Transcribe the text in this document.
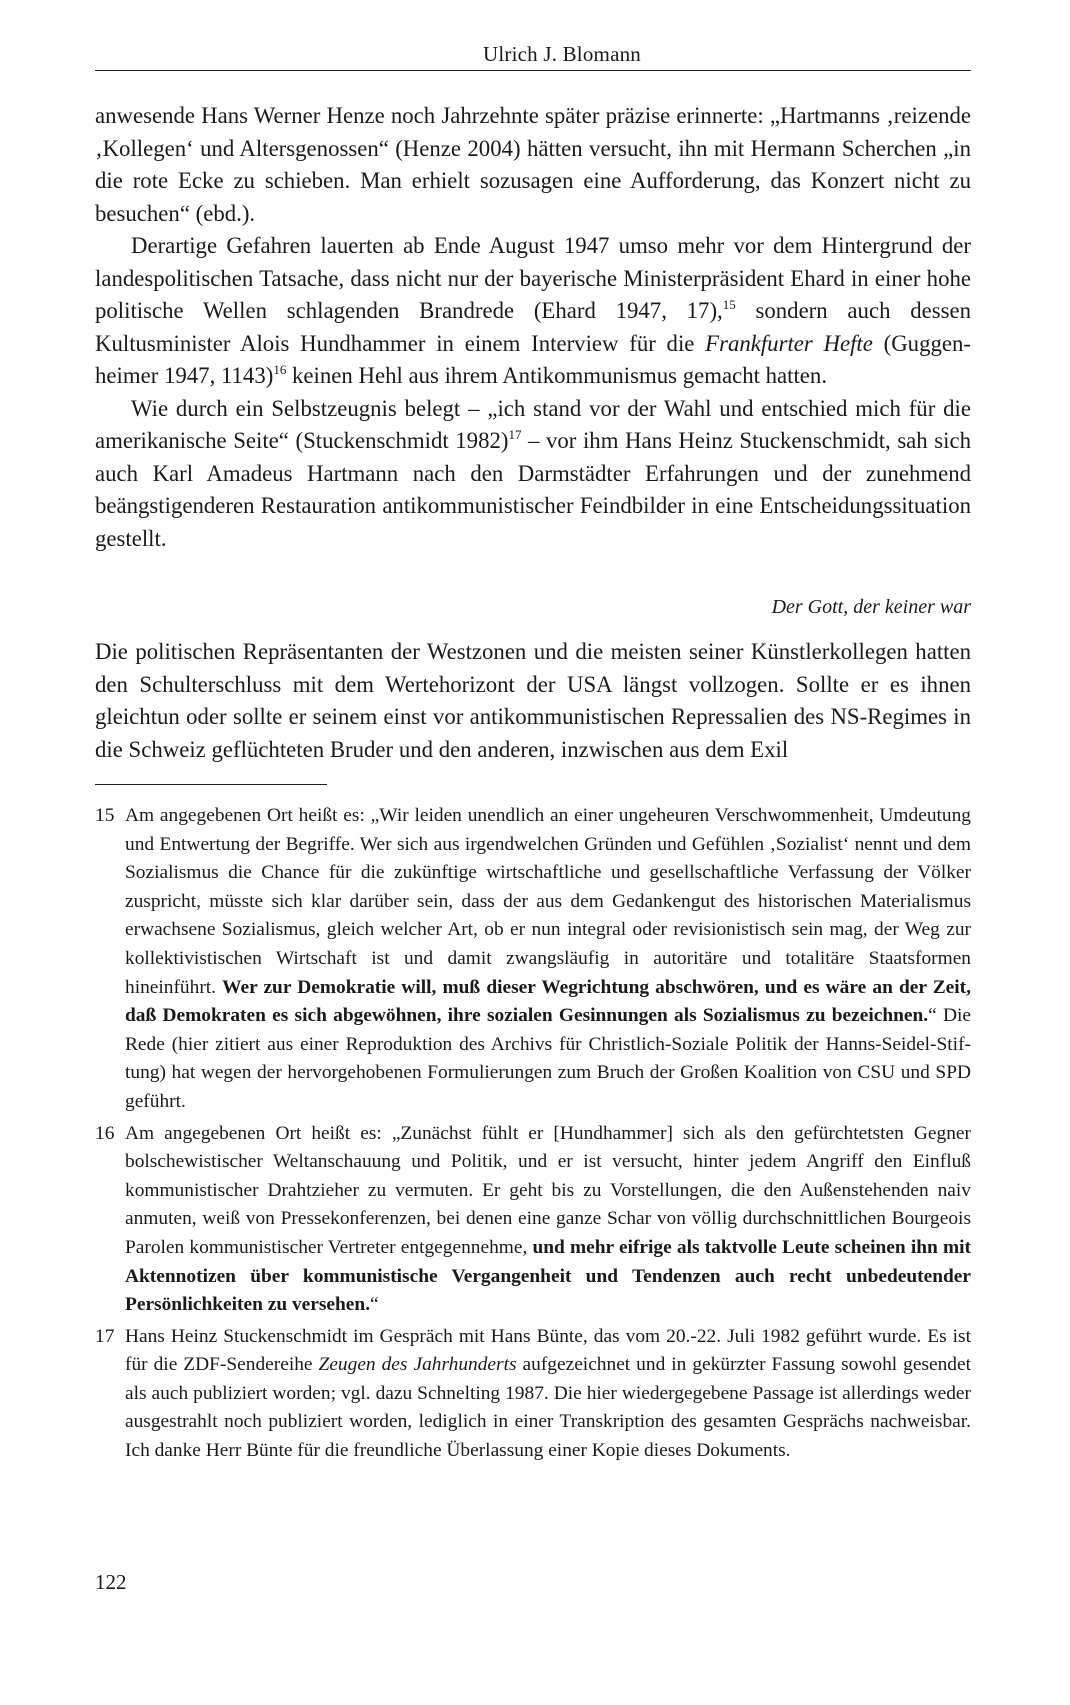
Ulrich J. Blomann

anwesende Hans Werner Henze noch Jahrzehnte später präzise erinnerte: „Hartmanns ‚reizende ‚Kollegen‘ und Altersgenossen“ (Henze 2004) hätten versucht, ihn mit Hermann Scherchen „in die rote Ecke zu schieben. Man erhielt sozusagen eine Aufforderung, das Konzert nicht zu besuchen“ (ebd.).

Derartige Gefahren lauerten ab Ende August 1947 umso mehr vor dem Hintergrund der landespolitischen Tatsache, dass nicht nur der bayerische Ministerpräsident Ehard in einer hohe politische Wellen schlagenden Brandrede (Ehard 1947, 17),$^{15}$ sondern auch dessen Kultusminister Alois Hundhammer in einem Interview für die Frankfurter Hefte (Guggenheimer 1947, 1143)$^{16}$ keinen Hehl aus ihrem Antikommunismus gemacht hatten.

Wie durch ein Selbstzeugnis belegt – „ich stand vor der Wahl und entschied mich für die amerikanische Seite“ (Stuckenschmidt 1982)$^{17}$ – vor ihm Hans Heinz Stuckenschmidt, sah sich auch Karl Amadeus Hartmann nach den Darmstädter Erfahrungen und der zunehmend beängstigenderen Restauration antikommunistischer Feindbilder in eine Entscheidungssituation gestellt.

Der Gott, der keiner war

Die politischen Repräsentanten der Westzonen und die meisten seiner Künstlerkollegen hatten den Schulterschluss mit dem Wertehorizont der USA längst vollzogen. Sollte er es ihnen gleichtun oder sollte er seinem einst vor antikommunistischen Repressalien des NS-Regimes in die Schweiz geflüchteten Bruder und den anderen, inzwischen aus dem Exil

15 Am angegebenen Ort heißt es: „Wir leiden unendlich an einer ungeheuren Verschwommenheit, Umdeutung und Entwertung der Begriffe. Wer sich aus irgendwelchen Gründen und Gefühlen ‚Sozialist‘ nennt und dem Sozialismus die Chance für die zukünftige wirtschaftliche und gesellschaftliche Verfassung der Völker zuspricht, müsste sich klar darüber sein, dass der aus dem Gedankengut des historischen Materialismus erwachsene Sozialismus, gleich welcher Art, ob er nun integral oder revisionistisch sein mag, der Weg zur kollektivistischen Wirtschaft ist und damit zwangsläufig in autoritäre und totalitäre Staatsformen hineinführt. Wer zur Demokratie will, muß dieser Wegrichtung abschwören, und es wäre an der Zeit, daß Demokraten es sich abgewöhnen, ihre sozialen Gesinnungen als Sozialismus zu bezeichnen.“ Die Rede (hier zitiert aus einer Reproduktion des Archivs für Christlich-Soziale Politik der Hanns-Seidel-Stiftung) hat wegen der hervorgehobenen Formulierungen zum Bruch der Großen Koalition von CSU und SPD geführt.
16 Am angegebenen Ort heißt es: „Zunächst fühlt er [Hundhammer] sich als den gefürchtetsten Gegner bolschewistischer Weltanschauung und Politik, und er ist versucht, hinter jedem Angriff den Einfluß kommunistischer Drahtzieher zu vermuten. Er geht bis zu Vorstellungen, die den Außenstehenden naiv anmuten, weiß von Pressekonferenzen, bei denen eine ganze Schar von völlig durchschnittlichen Bourgeois Parolen kommunistischer Vertreter entgegennehme, und mehr eifrige als taktvolle Leute scheinen ihn mit Aktennotizen über kommunistische Vergangenheit und Tendenzen auch recht unbedeutender Persönlichkeiten zu versehen.“
17 Hans Heinz Stuckenschmidt im Gespräch mit Hans Bünte, das vom 20.-22. Juli 1982 geführt wurde. Es ist für die ZDF-Sendereihe Zeugen des Jahrhunderts aufgezeichnet und in gekürzter Fassung sowohl gesendet als auch publiziert worden; vgl. dazu Schnelting 1987. Die hier wiedergegebene Passage ist allerdings weder ausgestrahlt noch publiziert worden, lediglich in einer Transkription des gesamten Gesprächs nachweisbar. Ich danke Herr Bünte für die freundliche Überlassung einer Kopie dieses Dokuments.
122
